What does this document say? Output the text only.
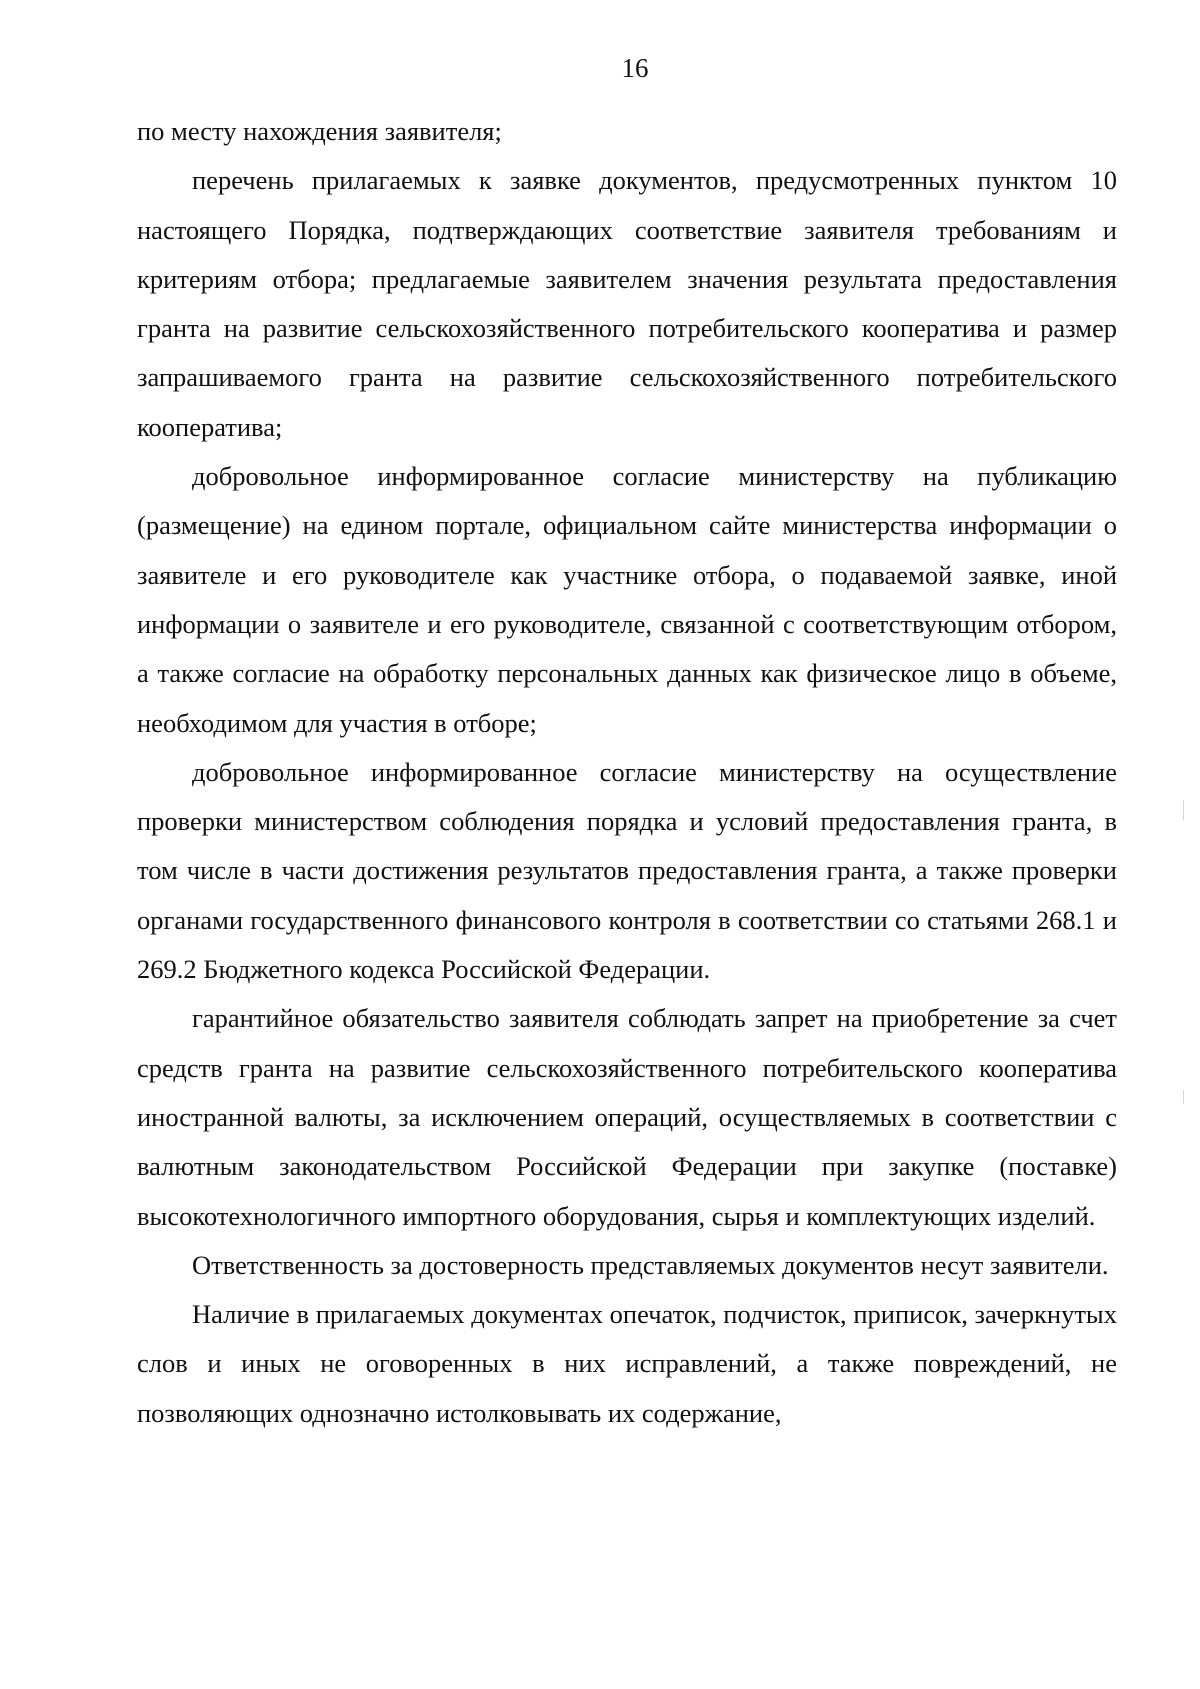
16

по месту нахождения заявителя;

перечень прилагаемых к заявке документов, предусмотренных пунктом 10 настоящего Порядка, подтверждающих соответствие заявителя требованиям и критериям отбора; предлагаемые заявителем значения результата предоставления гранта на развитие сельскохозяйственного потребительского кооператива и размер запрашиваемого гранта на развитие сельскохозяйственного потребительского кооператива;

добровольное информированное согласие министерству на публикацию (размещение) на едином портале, официальном сайте министерства информации о заявителе и его руководителе как участнике отбора, о подаваемой заявке, иной информации о заявителе и его руководителе, связанной с соответствующим отбором, а также согласие на обработку персональных данных как физическое лицо в объеме, необходимом для участия в отборе;

добровольное информированное согласие министерству на осуществление проверки министерством соблюдения порядка и условий предоставления гранта, в том числе в части достижения результатов предоставления гранта, а также проверки органами государственного финансового контроля в соответствии со статьями 268.1 и 269.2 Бюджетного кодекса Российской Федерации.

гарантийное обязательство заявителя соблюдать запрет на приобретение за счет средств гранта на развитие сельскохозяйственного потребительского кооператива иностранной валюты, за исключением операций, осуществляемых в соответствии с валютным законодательством Российской Федерации при закупке (поставке) высокотехнологичного импортного оборудования, сырья и комплектующих изделий.

Ответственность за достоверность представляемых документов несут заявители.

Наличие в прилагаемых документах опечаток, подчисток, приписок, зачеркнутых слов и иных не оговоренных в них исправлений, а также повреждений, не позволяющих однозначно истолковывать их содержание,
